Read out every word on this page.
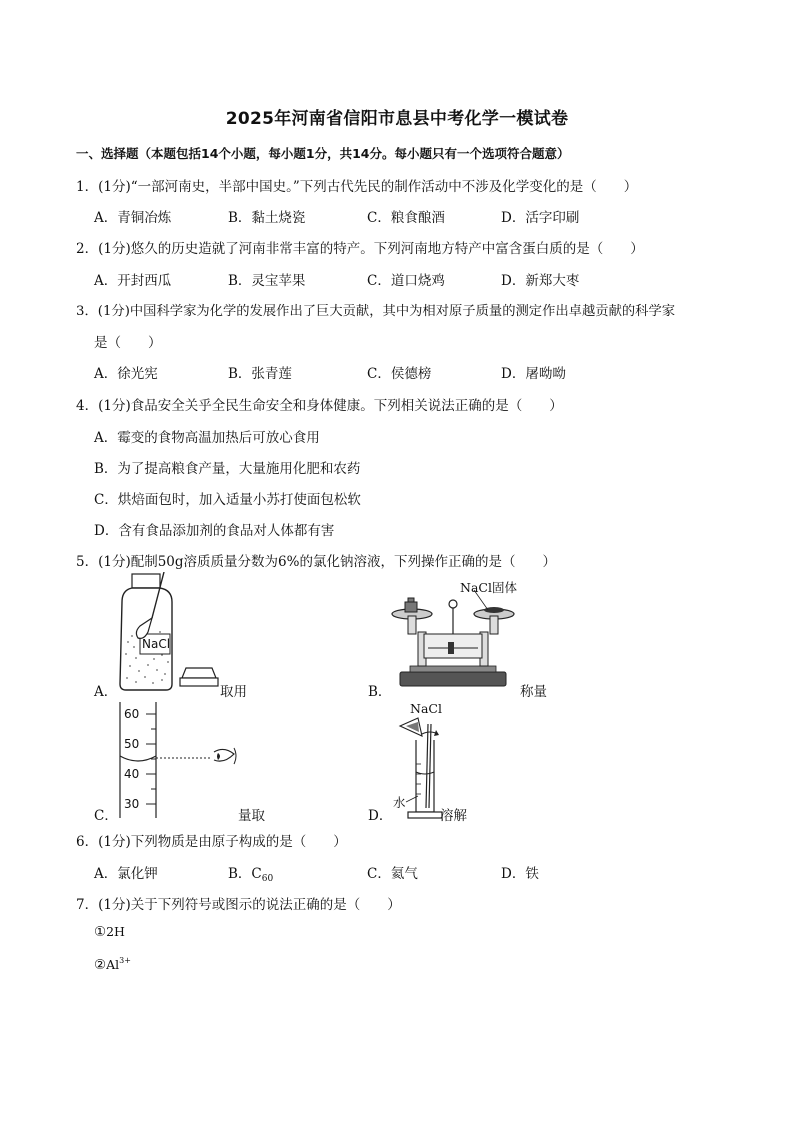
2025年河南省信阳市息县中考化学一模试卷
一、选择题（本题包括14个小题，每小题1分，共14分。每小题只有一个选项符合题意）
1．(1分)“一部河南史，半部中国史。”下列古代先民的制作活动中不涉及化学变化的是（　　）
A．青铜冶炼	B．黏土烧瓷	C．粮食酿酒	D．活字印刷
2．(1分)悠久的历史造就了河南非常丰富的特产。下列河南地方特产中富含蛋白质的是（　　）
A．开封西瓜	B．灵宝苹果	C．道口烧鸡	D．新郑大枣
3．(1分)中国科学家为化学的发展作出了巨大贡献，其中为相对原子质量的测定作出卓越贡献的科学家
是（　　）
A．徐光宪	B．张青莲	C．侯德榜	D．屠呦呦
4．(1分)食品安全关乎全民生命安全和身体健康。下列相关说法正确的是（　　）
A．霉变的食物高温加热后可放心食用
B．为了提高粮食产量，大量施用化肥和农药
C．烘焙面包时，加入适量小苏打使面包松软
D．含有食品添加剂的食品对人体都有害
5．(1分)配制50g溶质质量分数为6%的氯化钠溶液，下列操作正确的是（　　）
A．
NaCl
取用	B．
NaCl固体
称量
C．
60
50
40
30
量取	D．
NaCl
水
溶解
6．(1分)下列物质是由原子构成的是（　　）
A．氯化钾	B．$C_{60}$	C．氦气	D．铁
7．(1分)关于下列符号或图示的说法正确的是（　　）
①2H
$②Al^{3+}$
